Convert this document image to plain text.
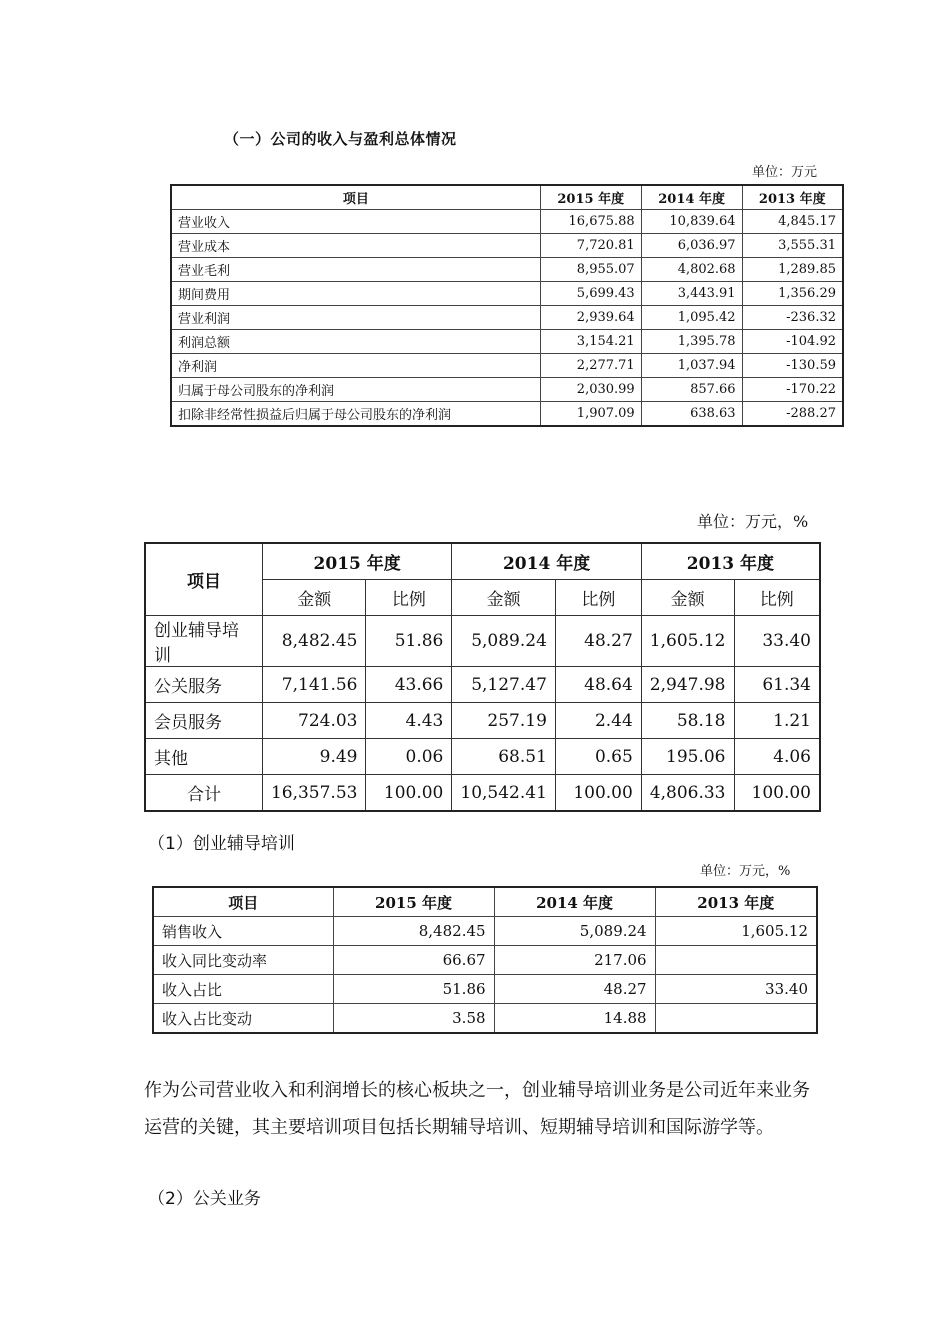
（一）公司的收入与盈利总体情况
单位：万元
项目	2015 年度	2014 年度	2013 年度
营业收入	16,675.88	10,839.64	4,845.17
营业成本	7,720.81	6,036.97	3,555.31
营业毛利	8,955.07	4,802.68	1,289.85
期间费用	5,699.43	3,443.91	1,356.29
营业利润	2,939.64	1,095.42	-236.32
利润总额	3,154.21	1,395.78	-104.92
净利润	2,277.71	1,037.94	-130.59
归属于母公司股东的净利润	2,030.99	857.66	-170.22
扣除非经常性损益后归属于母公司股东的净利润	1,907.09	638.63	-288.27
单位：万元，%
项目	2015 年度		2014 年度		2013 年度	
	金额	比例	金额	比例	金额	比例
创业辅导培训	8,482.45	51.86	5,089.24	48.27	1,605.12	33.40
公关服务	7,141.56	43.66	5,127.47	48.64	2,947.98	61.34
会员服务	724.03	4.43	257.19	2.44	58.18	1.21
其他	9.49	0.06	68.51	0.65	195.06	4.06
合计	16,357.53	100.00	10,542.41	100.00	4,806.33	100.00
（1）创业辅导培训
单位：万元，%
项目	2015 年度	2014 年度	2013 年度
销售收入	8,482.45	5,089.24	1,605.12
收入同比变动率	66.67	217.06	
收入占比	51.86	48.27	33.40
收入占比变动	3.58	14.88	
作为公司营业收入和利润增长的核心板块之一，创业辅导培训业务是公司近年来业务运营的关键，其主要培训项目包括长期辅导培训、短期辅导培训和国际游学等。
（2）公关业务
